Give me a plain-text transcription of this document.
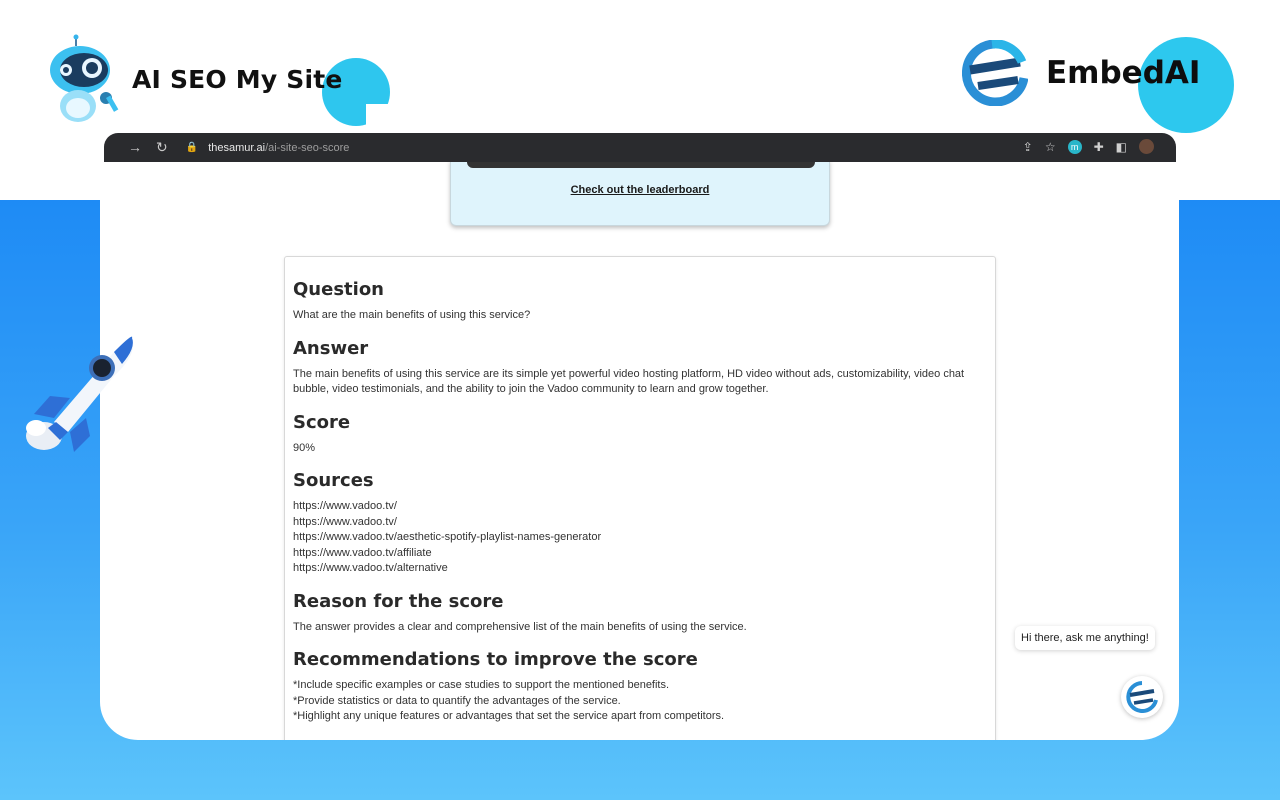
AI SEO My Site	EmbedAI
Check out the leaderboard
Question

What are the main benefits of using this service?

Answer

The main benefits of using this service are its simple yet powerful video hosting platform, HD video without ads, customizability, video chat bubble, video testimonials, and the ability to join the Vadoo community to learn and grow together.

Score

90%

Sources
https://www.vadoo.tv/
https://www.vadoo.tv/
https://www.vadoo.tv/aesthetic-spotify-playlist-names-generator
https://www.vadoo.tv/affiliate
https://www.vadoo.tv/alternative
Reason for the score

The answer provides a clear and comprehensive list of the main benefits of using the service.

Recommendations to improve the score
*Include specific examples or case studies to support the mentioned benefits.
*Provide statistics or data to quantify the advantages of the service.
*Highlight any unique features or advantages that set the service apart from competitors.
→ ↻	🔒 thesamur.ai /ai-site-seo-score	⇪ ☆	m ✚ ◧
Hi there, ask me anything!
